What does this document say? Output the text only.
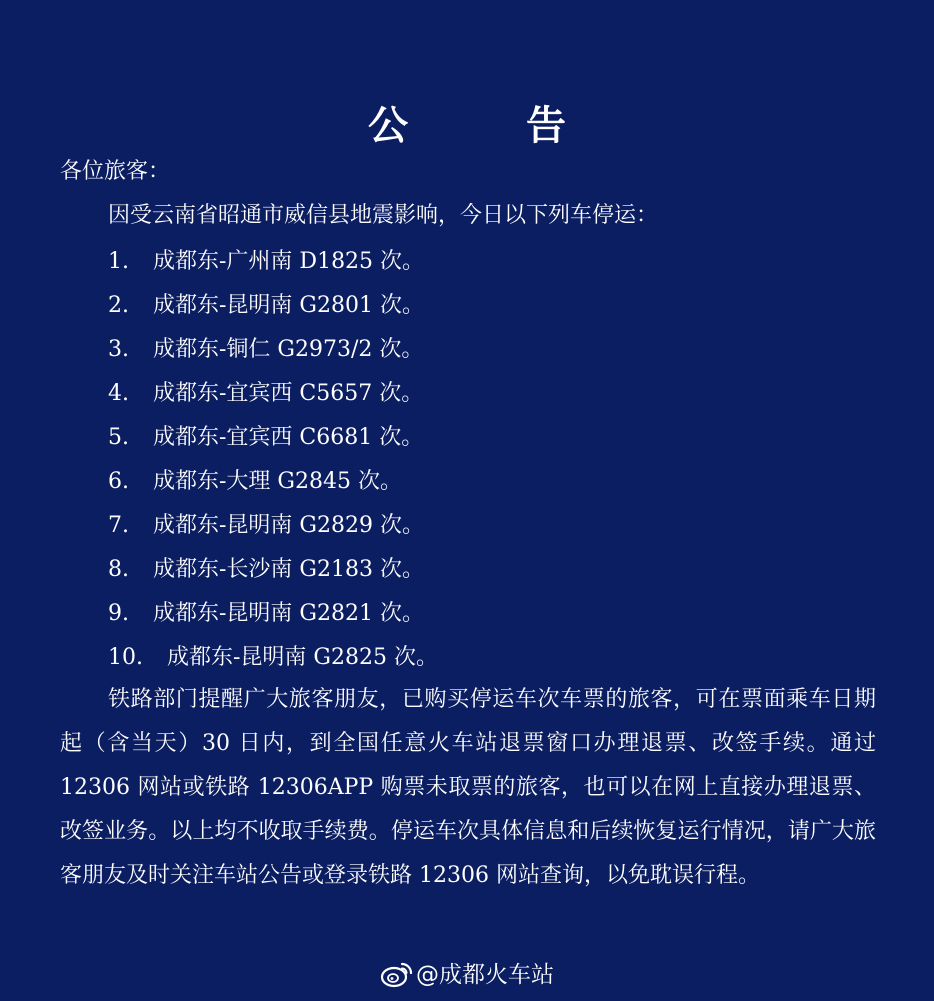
公 告
各位旅客：
因受云南省昭通市威信县地震影响，今日以下列车停运：
1. 成都东-广州南 D1825 次。
2. 成都东-昆明南 G2801 次。
3. 成都东-铜仁 G2973/2 次。
4. 成都东-宜宾西 C5657 次。
5. 成都东-宜宾西 C6681 次。
6. 成都东-大理 G2845 次。
7. 成都东-昆明南 G2829 次。
8. 成都东-长沙南 G2183 次。
9. 成都东-昆明南 G2821 次。
10. 成都东-昆明南 G2825 次。

铁路部门提醒广大旅客朋友，已购买停运车次车票的旅客，可在票面乘车日期起（含当天）30 日内，到全国任意火车站退票窗口办理退票、改签手续。通过 12306 网站或铁路 12306APP 购票未取票的旅客，也可以在网上直接办理退票、改签业务。以上均不收取手续费。停运车次具体信息和后续恢复运行情况，请广大旅客朋友及时关注车站公告或登录铁路 12306 网站查询，以免耽误行程。

@成都火车站
